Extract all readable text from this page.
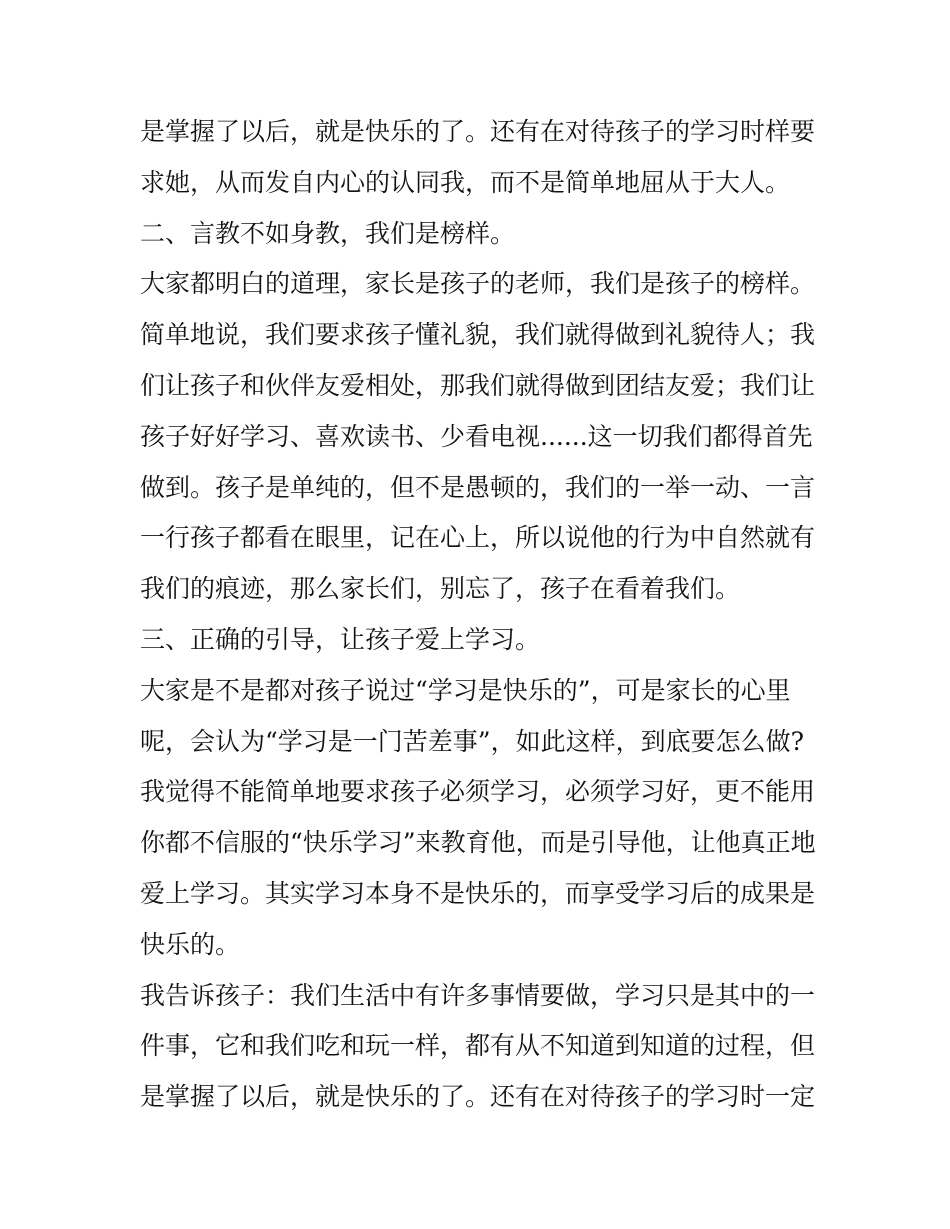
是掌握了以后，就是快乐的了。还有在对待孩子的学习时样要
求她，从而发自内心的认同我，而不是简单地屈从于大人。
二、言教不如身教，我们是榜样。
大家都明白的道理，家长是孩子的老师，我们是孩子的榜样。
简单地说，我们要求孩子懂礼貌，我们就得做到礼貌待人；我
们让孩子和伙伴友爱相处，那我们就得做到团结友爱；我们让
孩子好好学习、喜欢读书、少看电视......这一切我们都得首先
做到。孩子是单纯的，但不是愚顿的，我们的一举一动、一言
一行孩子都看在眼里，记在心上，所以说他的行为中自然就有
我们的痕迹，那么家长们，别忘了，孩子在看着我们。
三、正确的引导，让孩子爱上学习。
大家是不是都对孩子说过“学习是快乐的”，可是家长的心里
呢，会认为“学习是一门苦差事”，如此这样，到底要怎么做?
我觉得不能简单地要求孩子必须学习，必须学习好，更不能用
你都不信服的“快乐学习”来教育他，而是引导他，让他真正地
爱上学习。其实学习本身不是快乐的，而享受学习后的成果是
快乐的。
我告诉孩子：我们生活中有许多事情要做，学习只是其中的一
件事，它和我们吃和玩一样，都有从不知道到知道的过程，但
是掌握了以后，就是快乐的了。还有在对待孩子的学习时一定
